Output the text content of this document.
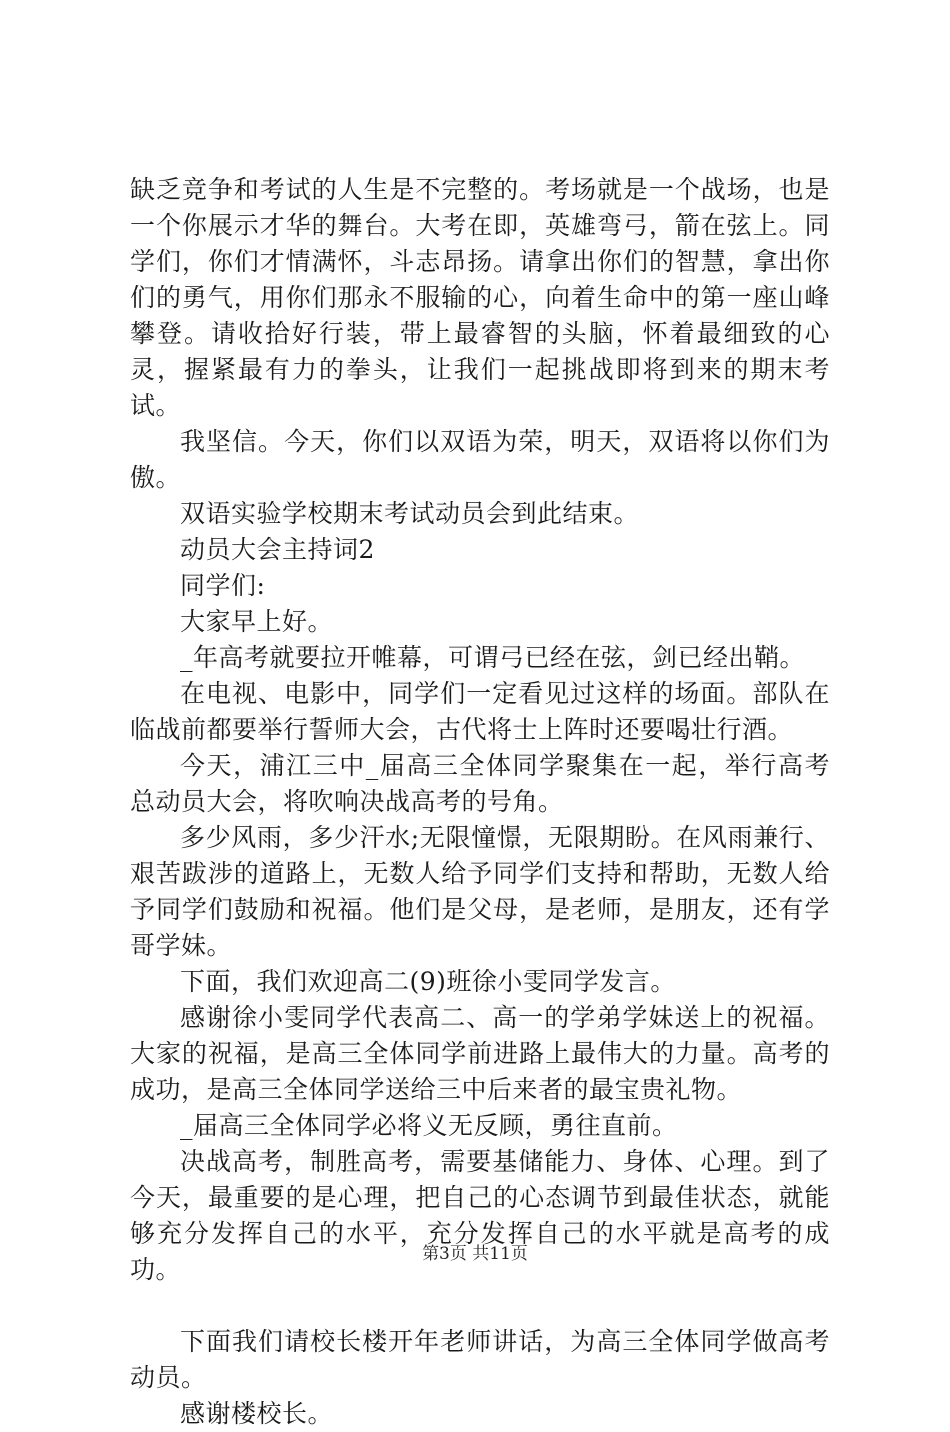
缺乏竞争和考试的人生是不完整的。考场就是一个战场，也是一个你展示才华的舞台。大考在即，英雄弯弓，箭在弦上。同学们，你们才情满怀，斗志昂扬。请拿出你们的智慧，拿出你们的勇气，用你们那永不服输的心，向着生命中的第一座山峰攀登。请收拾好行装，带上最睿智的头脑，怀着最细致的心灵，握紧最有力的拳头，让我们一起挑战即将到来的期末考试。

我坚信。今天，你们以双语为荣，明天，双语将以你们为傲。

双语实验学校期末考试动员会到此结束。

动员大会主持词2

同学们:

大家早上好。

_年高考就要拉开帷幕，可谓弓已经在弦，剑已经出鞘。

在电视、电影中，同学们一定看见过这样的场面。部队在临战前都要举行誓师大会，古代将士上阵时还要喝壮行酒。

今天，浦江三中_届高三全体同学聚集在一起，举行高考总动员大会，将吹响决战高考的号角。

多少风雨，多少汗水;无限憧憬，无限期盼。在风雨兼行、艰苦跋涉的道路上，无数人给予同学们支持和帮助，无数人给予同学们鼓励和祝福。他们是父母，是老师，是朋友，还有学哥学妹。

下面，我们欢迎高二(9)班徐小雯同学发言。

感谢徐小雯同学代表高二、高一的学弟学妹送上的祝福。大家的祝福，是高三全体同学前进路上最伟大的力量。高考的成功，是高三全体同学送给三中后来者的最宝贵礼物。

_届高三全体同学必将义无反顾，勇往直前。

决战高考，制胜高考，需要基储能力、身体、心理。到了今天，最重要的是心理，把自己的心态调节到最佳状态，就能够充分发挥自己的水平，充分发挥自己的水平就是高考的成功。

下面我们请校长楼开年老师讲话，为高三全体同学做高考动员。

感谢楼校长。

第3页 共11页
